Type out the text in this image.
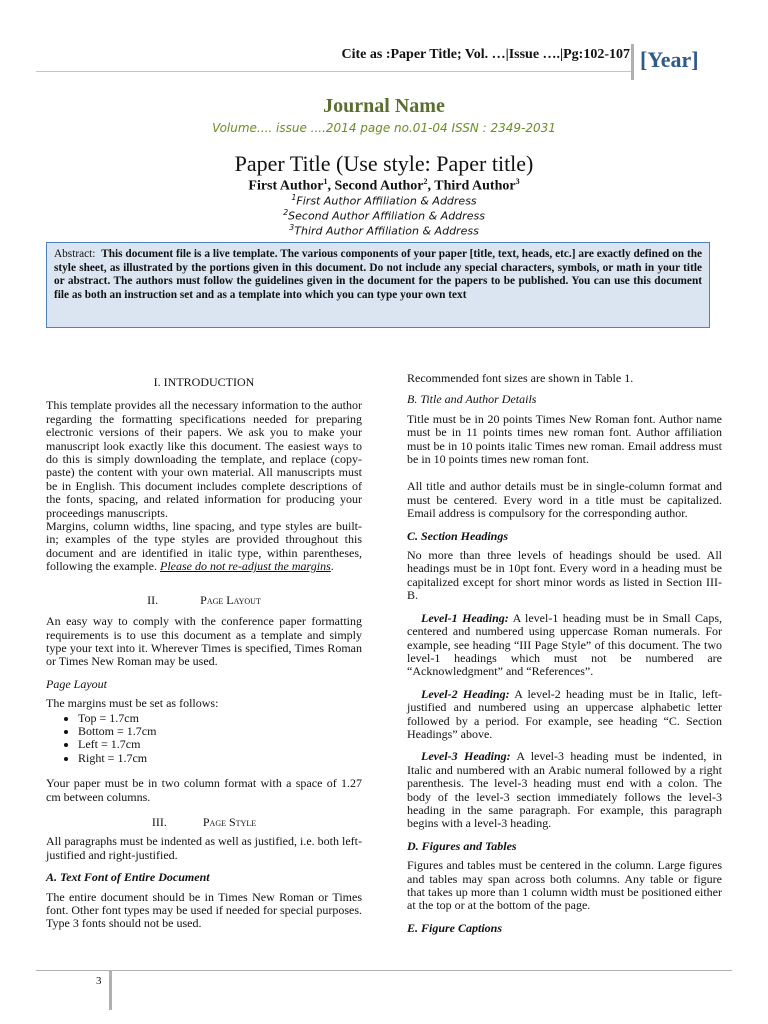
Cite as :Paper Title; Vol. …|Issue ….|Pg:102-107 [Year]
Journal Name
Volume.... issue ....2014 page no.01-04 ISSN : 2349-2031
Paper Title (Use style: Paper title)
First Author$^1$, Second Author$^2$, Third Author$^3$
$^1$First Author Affiliation & Address
$^2$Second Author Affiliation & Address
$^3$Third Author Affiliation & Address
Abstract: This document file is a live template. The various components of your paper [title, text, heads, etc.] are exactly defined on the style sheet, as illustrated by the portions given in this document. Do not include any special characters, symbols, or math in your title or abstract. The authors must follow the guidelines given in the document for the papers to be published. You can use this document file as both an instruction set and as a template into which you can type your own text
I. INTRODUCTION

This template provides all the necessary information to the author regarding the formatting specifications needed for preparing electronic versions of their papers. We ask you to make your manuscript look exactly like this document. The easiest ways to do this is simply downloading the template, and replace (copy-paste) the content with your own material. All manuscripts must be in English. This document includes complete descriptions of the fonts, spacing, and related information for producing your proceedings manuscripts.

Margins, column widths, line spacing, and type styles are built-in; examples of the type styles are provided throughout this document and are identified in italic type, within parentheses, following the example. Please do not re-adjust the margins.

II.	Page Layout

An easy way to comply with the conference paper formatting requirements is to use this document as a template and simply type your text into it. Wherever Times is specified, Times Roman or Times New Roman may be used.

Page Layout
The margins must be set as follows:
• Top = 1.7cm
• Bottom = 1.7cm
• Left = 1.7cm
• Right = 1.7cm

Your paper must be in two column format with a space of 1.27 cm between columns.

III.	Page Style

All paragraphs must be indented as well as justified, i.e. both left-justified and right-justified.

A. Text Font of Entire Document

The entire document should be in Times New Roman or Times font. Other font types may be used if needed for special purposes. Type 3 fonts should not be used.

Recommended font sizes are shown in Table 1.

B. Title and Author Details

Title must be in 20 points Times New Roman font. Author name must be in 11 points times new roman font. Author affiliation must be in 10 points italic Times new roman. Email address must be in 10 points times new roman font.

All title and author details must be in single-column format and must be centered. Every word in a title must be capitalized. Email address is compulsory for the corresponding author.

C. Section Headings

No more than three levels of headings should be used. All headings must be in 10pt font. Every word in a heading must be capitalized except for short minor words as listed in Section III-B.

Level-1 Heading: A level-1 heading must be in Small Caps, centered and numbered using uppercase Roman numerals. For example, see heading “III Page Style” of this document. The two level-1 headings which must not be numbered are “Acknowledgment” and “References”.

Level-2 Heading: A level-2 heading must be in Italic, left-justified and numbered using an uppercase alphabetic letter followed by a period. For example, see heading “C. Section Headings” above.

Level-3 Heading: A level-3 heading must be indented, in Italic and numbered with an Arabic numeral followed by a right parenthesis. The level-3 heading must end with a colon. The body of the level-3 section immediately follows the level-3 heading in the same paragraph. For example, this paragraph begins with a level-3 heading.

D. Figures and Tables

Figures and tables must be centered in the column. Large figures and tables may span across both columns. Any table or figure that takes up more than 1 column width must be positioned either at the top or at the bottom of the page.

E. Figure Captions
3
